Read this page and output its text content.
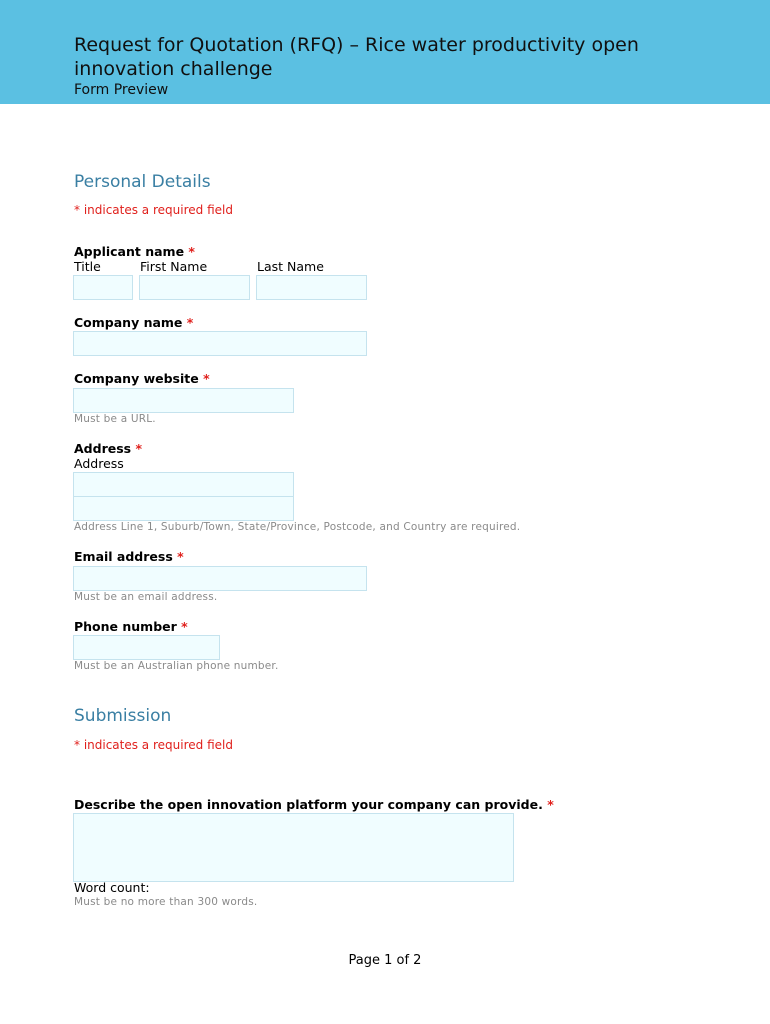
Request for Quotation (RFQ) – Rice water productivity open innovation challenge
Form Preview
Personal Details
* indicates a required field
Applicant name *
Title	First Name	Last Name
Company name *
Company website *
Must be a URL.
Address *
Address
Address Line 1, Suburb/Town, State/Province, Postcode, and Country are required.
Email address *
Must be an email address.
Phone number *
Must be an Australian phone number.
Submission
* indicates a required field
Describe the open innovation platform your company can provide. *
Word count:
Must be no more than 300 words.
Page 1 of 2
